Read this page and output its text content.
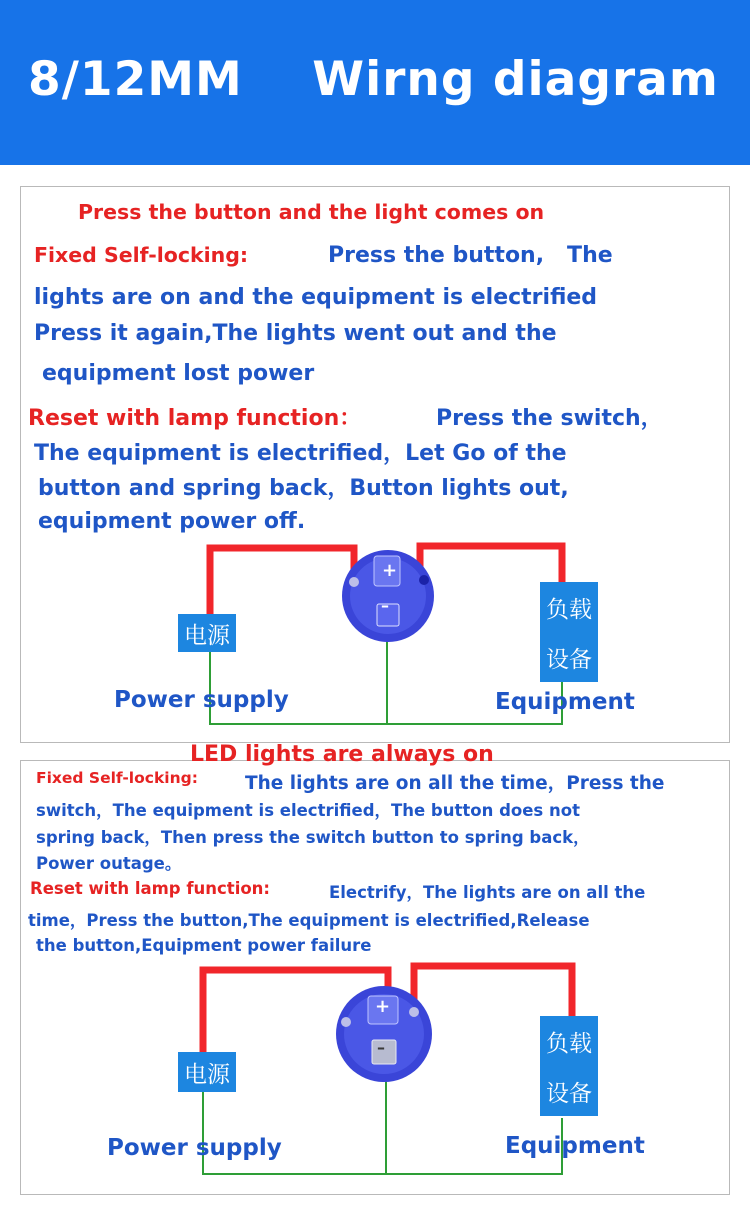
8/12MM    Wirng diagram
Press the button and the light comes on
Fixed Self-locking:	Press the button,   The
lights are on and the equipment is electrified
Press it again,The lights went out and the
equipment lost power
Reset with lamp function：	Press the switch，
The equipment is electrified，Let Go of the
button and spring back，Button lights out,
equipment power off.
LED lights are always on
Fixed Self-locking:	The lights are on all the time，Press the
switch，The equipment is electrified，The button does not
spring back，Then press the switch button to spring back，
Power outage。
Reset with lamp function:	Electrify，The lights are on all the
time，Press the button,The equipment is electrified,Release
the button,Equipment power failure
+
–
电源
负载
设备
Power supply	Equipment
+
–
电源
负载
设备
Power supply	Equipment
